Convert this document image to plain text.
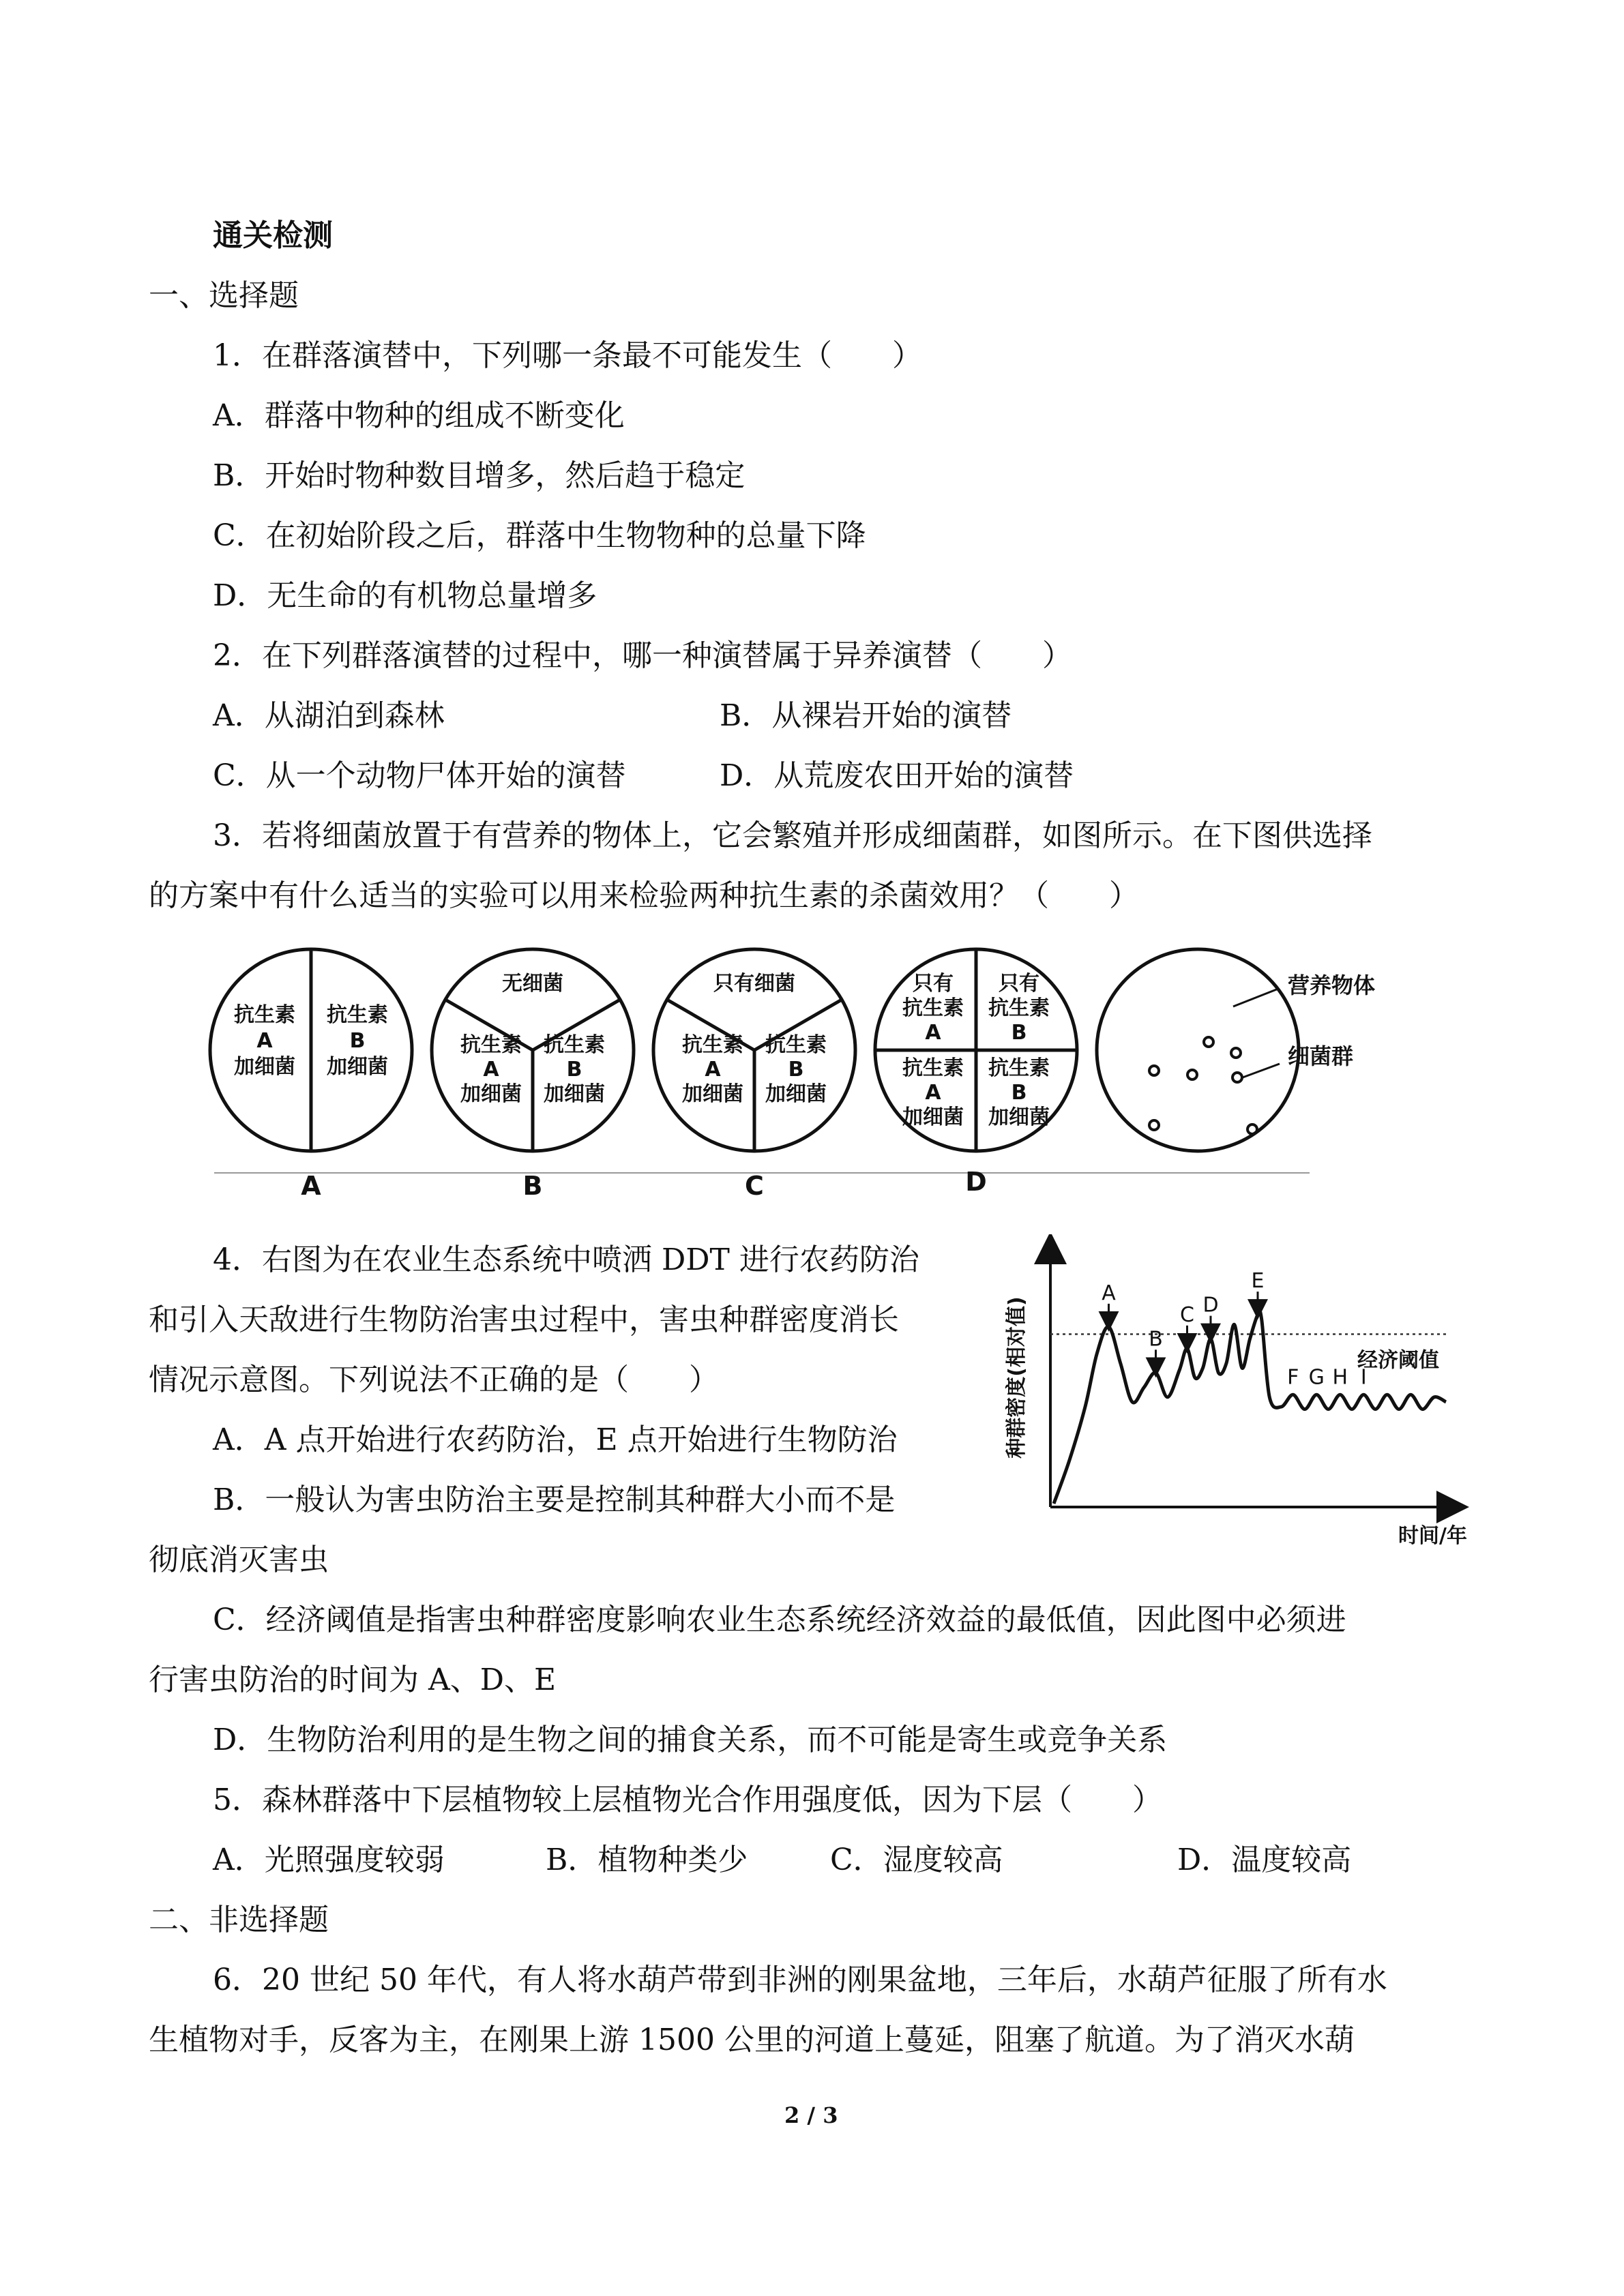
通关检测
一、选择题
1．在群落演替中，下列哪一条最不可能发生（　　）
A．群落中物种的组成不断变化
B．开始时物种数目增多，然后趋于稳定
C．在初始阶段之后，群落中生物物种的总量下降
D．无生命的有机物总量增多
2．在下列群落演替的过程中，哪一种演替属于异养演替（　　）
A．从湖泊到森林	B．从裸岩开始的演替
C．从一个动物尸体开始的演替	D．从荒废农田开始的演替
3．若将细菌放置于有营养的物体上，它会繁殖并形成细菌群，如图所示。在下图供选择
的方案中有什么适当的实验可以用来检验两种抗生素的杀菌效用？（　　）
抗生素
A
加细菌
抗生素
B
加细菌
无细菌
抗生素
A
加细菌
抗生素
B
加细菌
只有细菌
抗生素
A
加细菌
抗生素
B
加细菌
只有
抗生素
A
只有
抗生素
B
抗生素
A
加细菌
抗生素
B
加细菌
营养物体
细菌群
A	B	C	D
4．右图为在农业生态系统中喷洒 DDT 进行农药防治
和引入天敌进行生物防治害虫过程中，害虫种群密度消长
情况示意图。下列说法不正确的是（　　）
A．A 点开始进行农药防治，E 点开始进行生物防治
B．一般认为害虫防治主要是控制其种群大小而不是
彻底消灭害虫
C．经济阈值是指害虫种群密度影响农业生态系统经济效益的最低值，因此图中必须进
行害虫防治的时间为 A、D、E
D．生物防治利用的是生物之间的捕食关系，而不可能是寄生或竞争关系
种群密度(相对值)
时间/年
经济阈值
A
B
C D
E
F G H I
5．森林群落中下层植物较上层植物光合作用强度低，因为下层（　　）
A．光照强度较弱	B．植物种类少	C．湿度较高	D．温度较高
二、非选择题
6．20 世纪 50 年代，有人将水葫芦带到非洲的刚果盆地，三年后，水葫芦征服了所有水
生植物对手，反客为主，在刚果上游 1500 公里的河道上蔓延，阻塞了航道。为了消灭水葫
2 / 3
